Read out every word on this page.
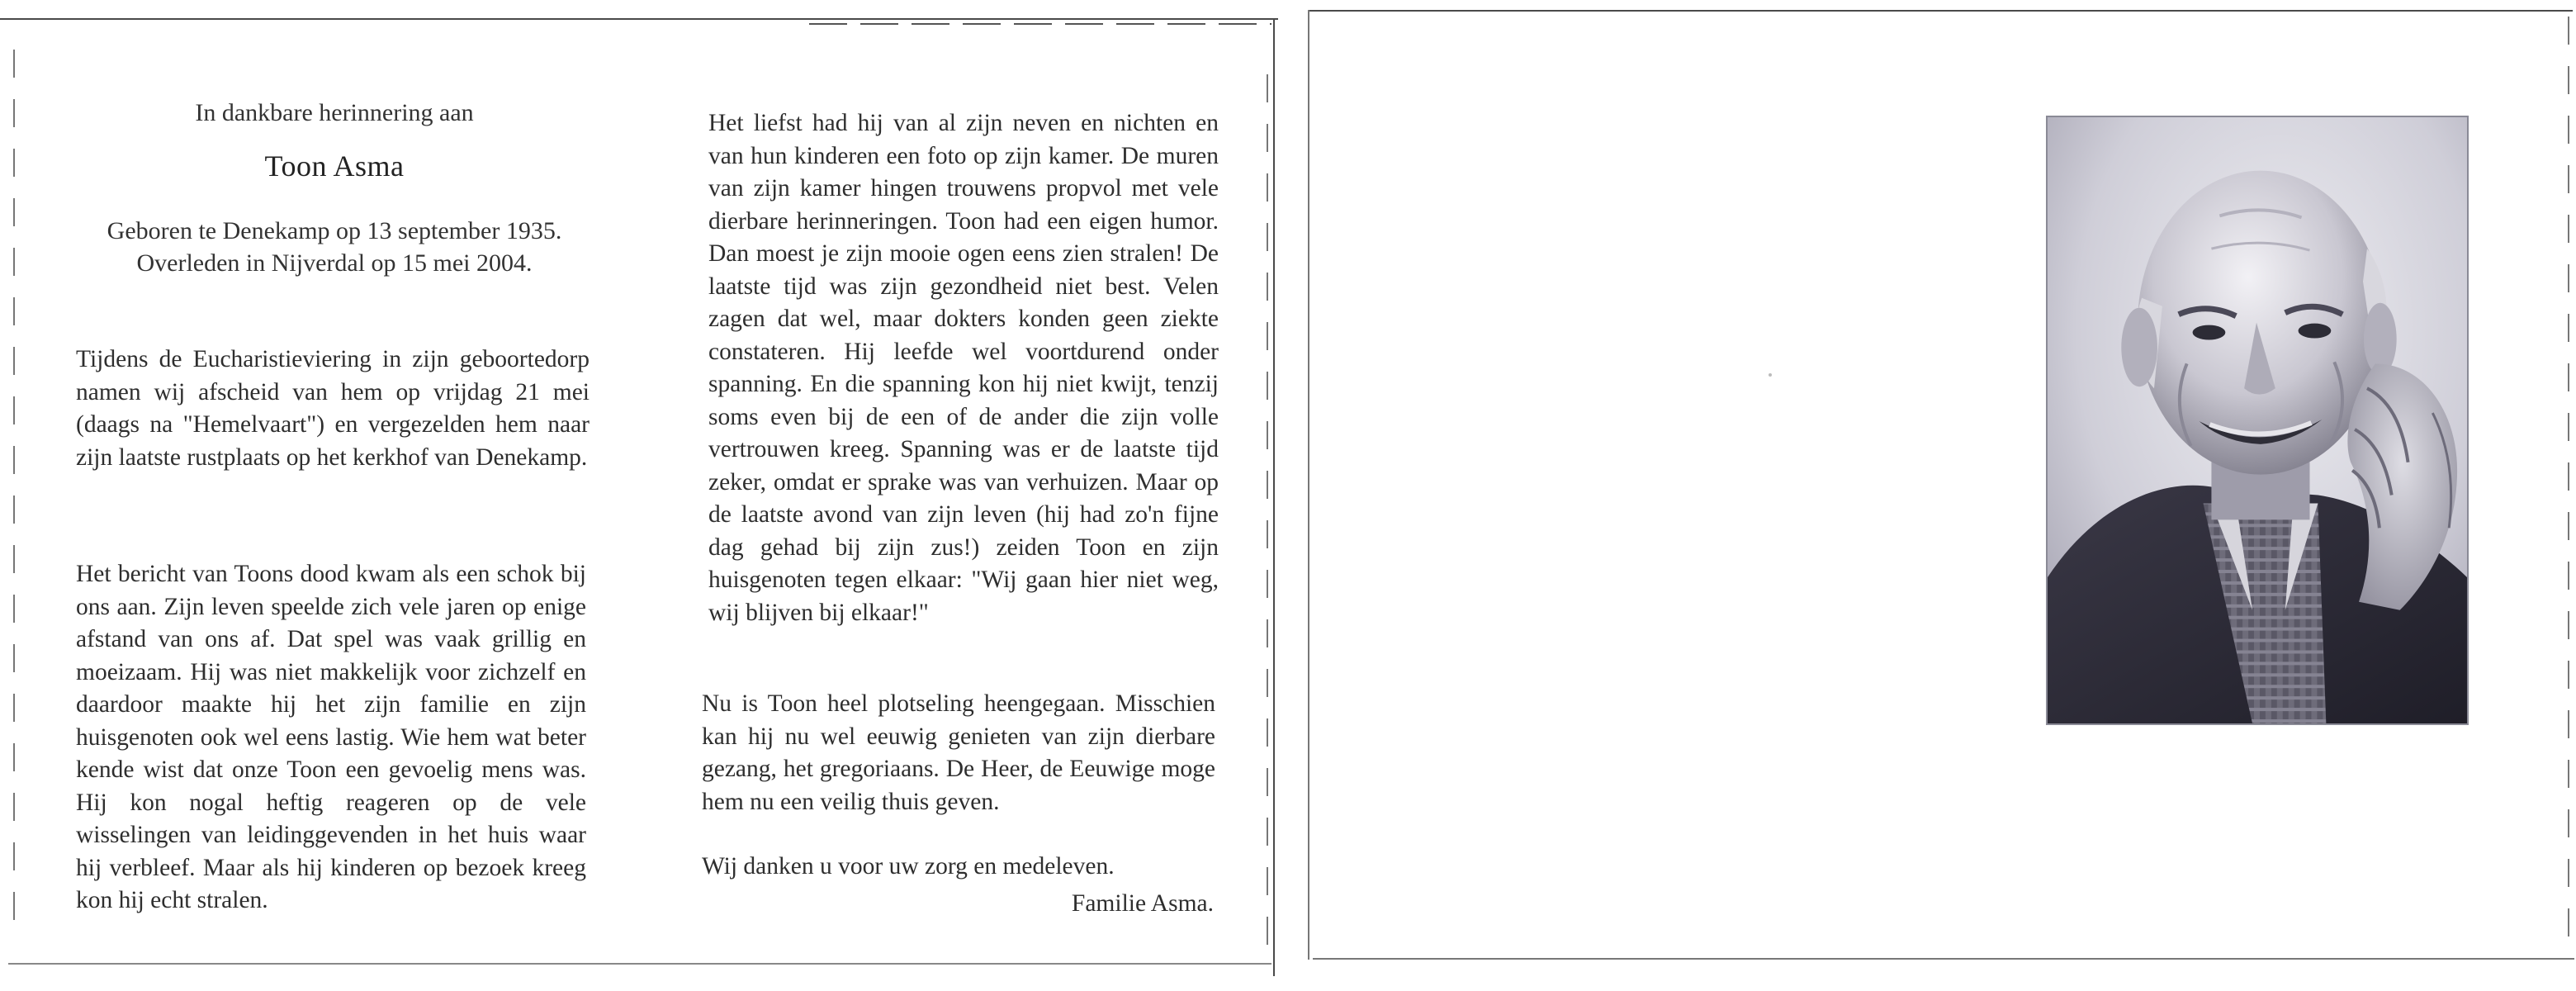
In dankbare herinnering aan
Toon Asma
Geboren te Denekamp op 13 september 1935.
Overleden in Nijverdal op 15 mei 2004.

Tijdens de Eucharistieviering in zijn geboortedorp namen wij afscheid van hem op vrijdag 21 mei (daags na "Hemelvaart") en vergezelden hem naar zijn laatste rustplaats op het kerkhof van Denekamp.

Het bericht van Toons dood kwam als een schok bij ons aan. Zijn leven speelde zich vele jaren op enige afstand van ons af. Dat spel was vaak grillig en moeizaam. Hij was niet makkelijk voor zichzelf en daardoor maakte hij het zijn familie en zijn huisgenoten ook wel eens lastig. Wie hem wat beter kende wist dat onze Toon een gevoelig mens was. Hij kon nogal heftig reageren op de vele wisselingen van leidinggevenden in het huis waar hij verbleef. Maar als hij kinderen op bezoek kreeg kon hij echt stralen.

Het liefst had hij van al zijn neven en nichten en van hun kinderen een foto op zijn kamer. De muren van zijn kamer hingen trouwens propvol met vele dierbare herinneringen. Toon had een eigen humor. Dan moest je zijn mooie ogen eens zien stralen! De laatste tijd was zijn gezondheid niet best. Velen zagen dat wel, maar dokters konden geen ziekte constateren. Hij leefde wel voortdurend onder spanning. En die spanning kon hij niet kwijt, tenzij soms even bij de een of de ander die zijn volle vertrouwen kreeg. Spanning was er de laatste tijd zeker, omdat er sprake was van verhuizen. Maar op de laatste avond van zijn leven (hij had zo'n fijne dag gehad bij zijn zus!) zeiden Toon en zijn huisgenoten tegen elkaar: "Wij gaan hier niet weg, wij blijven bij elkaar!"

Nu is Toon heel plotseling heengegaan. Misschien kan hij nu wel eeuwig genieten van zijn dierbare gezang, het gregoriaans. De Heer, de Eeuwige moge hem nu een veilig thuis geven.

Wij danken u voor uw zorg en medeleven.

Familie Asma.
